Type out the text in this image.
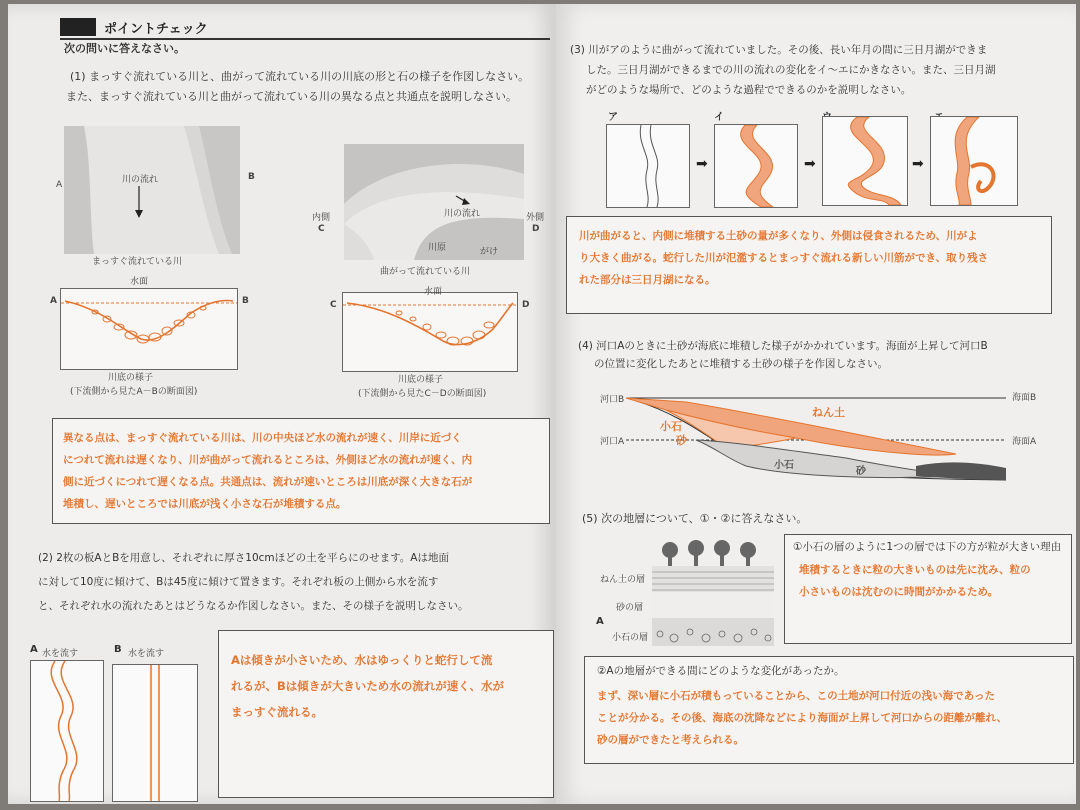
ポイントチェック
次の問いに答えなさい。
(1) まっすぐ流れている川と、曲がって流れている川の川底の形と石の様子を作図しなさい。
また、まっすぐ流れている川と曲がって流れている川の異なる点と共通点を説明しなさい。
川の流れ
A
B
まっすぐ流れている川
川の流れ
川原	がけ
内側
C
外側
D
曲がって流れている川
水面
A	B
川底の様子
(下流側から見たA－Bの断面図)
水面
C	D
川底の様子
(下流側から見たC－Dの断面図)
異なる点は、まっすぐ流れている川は、川の中央ほど水の流れが速く、川岸に近づく
につれて流れは遅くなり、川が曲がって流れるところは、外側ほど水の流れが速く、内
側に近づくにつれて遅くなる点。共通点は、流れが速いところは川底が深く大きな石が
堆積し、遅いところでは川底が浅く小さな石が堆積する点。
(2) 2枚の板AとBを用意し、それぞれに厚さ10cmほどの土を平らにのせます。Aは地面
に対して10度に傾けて、Bは45度に傾けて置きます。それぞれ板の上側から水を流す
と、それぞれ水の流れたあとはどうなるか作図しなさい。また、その様子を説明しなさい。
A 水を流す	B 水を流す	Aは傾きが小さいため、水はゆっくりと蛇行して流
れるが、Bは傾きが大きいため水の流れが速く、水が
まっすぐ流れる。
(3) 川がアのように曲がって流れていました。その後、長い年月の間に三日月湖ができま
した。三日月湖ができるまでの川の流れの変化をイ～エにかきなさい。また、三日月湖
がどのような場所で、どのような過程でできるのかを説明しなさい。
ア
➡
イ
➡	➡
川が曲がると、内側に堆積する土砂の量が多くなり、外側は侵食されるため、川がよ
り大きく曲がる。蛇行した川が氾濫するとまっすぐ流れる新しい川筋ができ、取り残さ
れた部分は三日月湖になる。
(4) 河口Aのときに土砂が海底に堆積した様子がかかれています。海面が上昇して河口B
の位置に変化したあとに堆積する土砂の様子を作図しなさい。
小石
砂
河口B
河口A
海面B
海面A
ねん土
小石
砂
(5) 次の地層について、①・②に答えなさい。
ねん土の層
砂の層
小石の層
A
①小石の層のように1つの層では下の方が粒が大きい理由
堆積するときに粒の大きいものは先に沈み、粒の
小さいものは沈むのに時間がかかるため。
②Aの地層ができる間にどのような変化があったか。
まず、深い層に小石が積もっていることから、この土地が河口付近の浅い海であった
ことが分かる。その後、海底の沈降などにより海面が上昇して河口からの距離が離れ、
砂の層ができたと考えられる。
